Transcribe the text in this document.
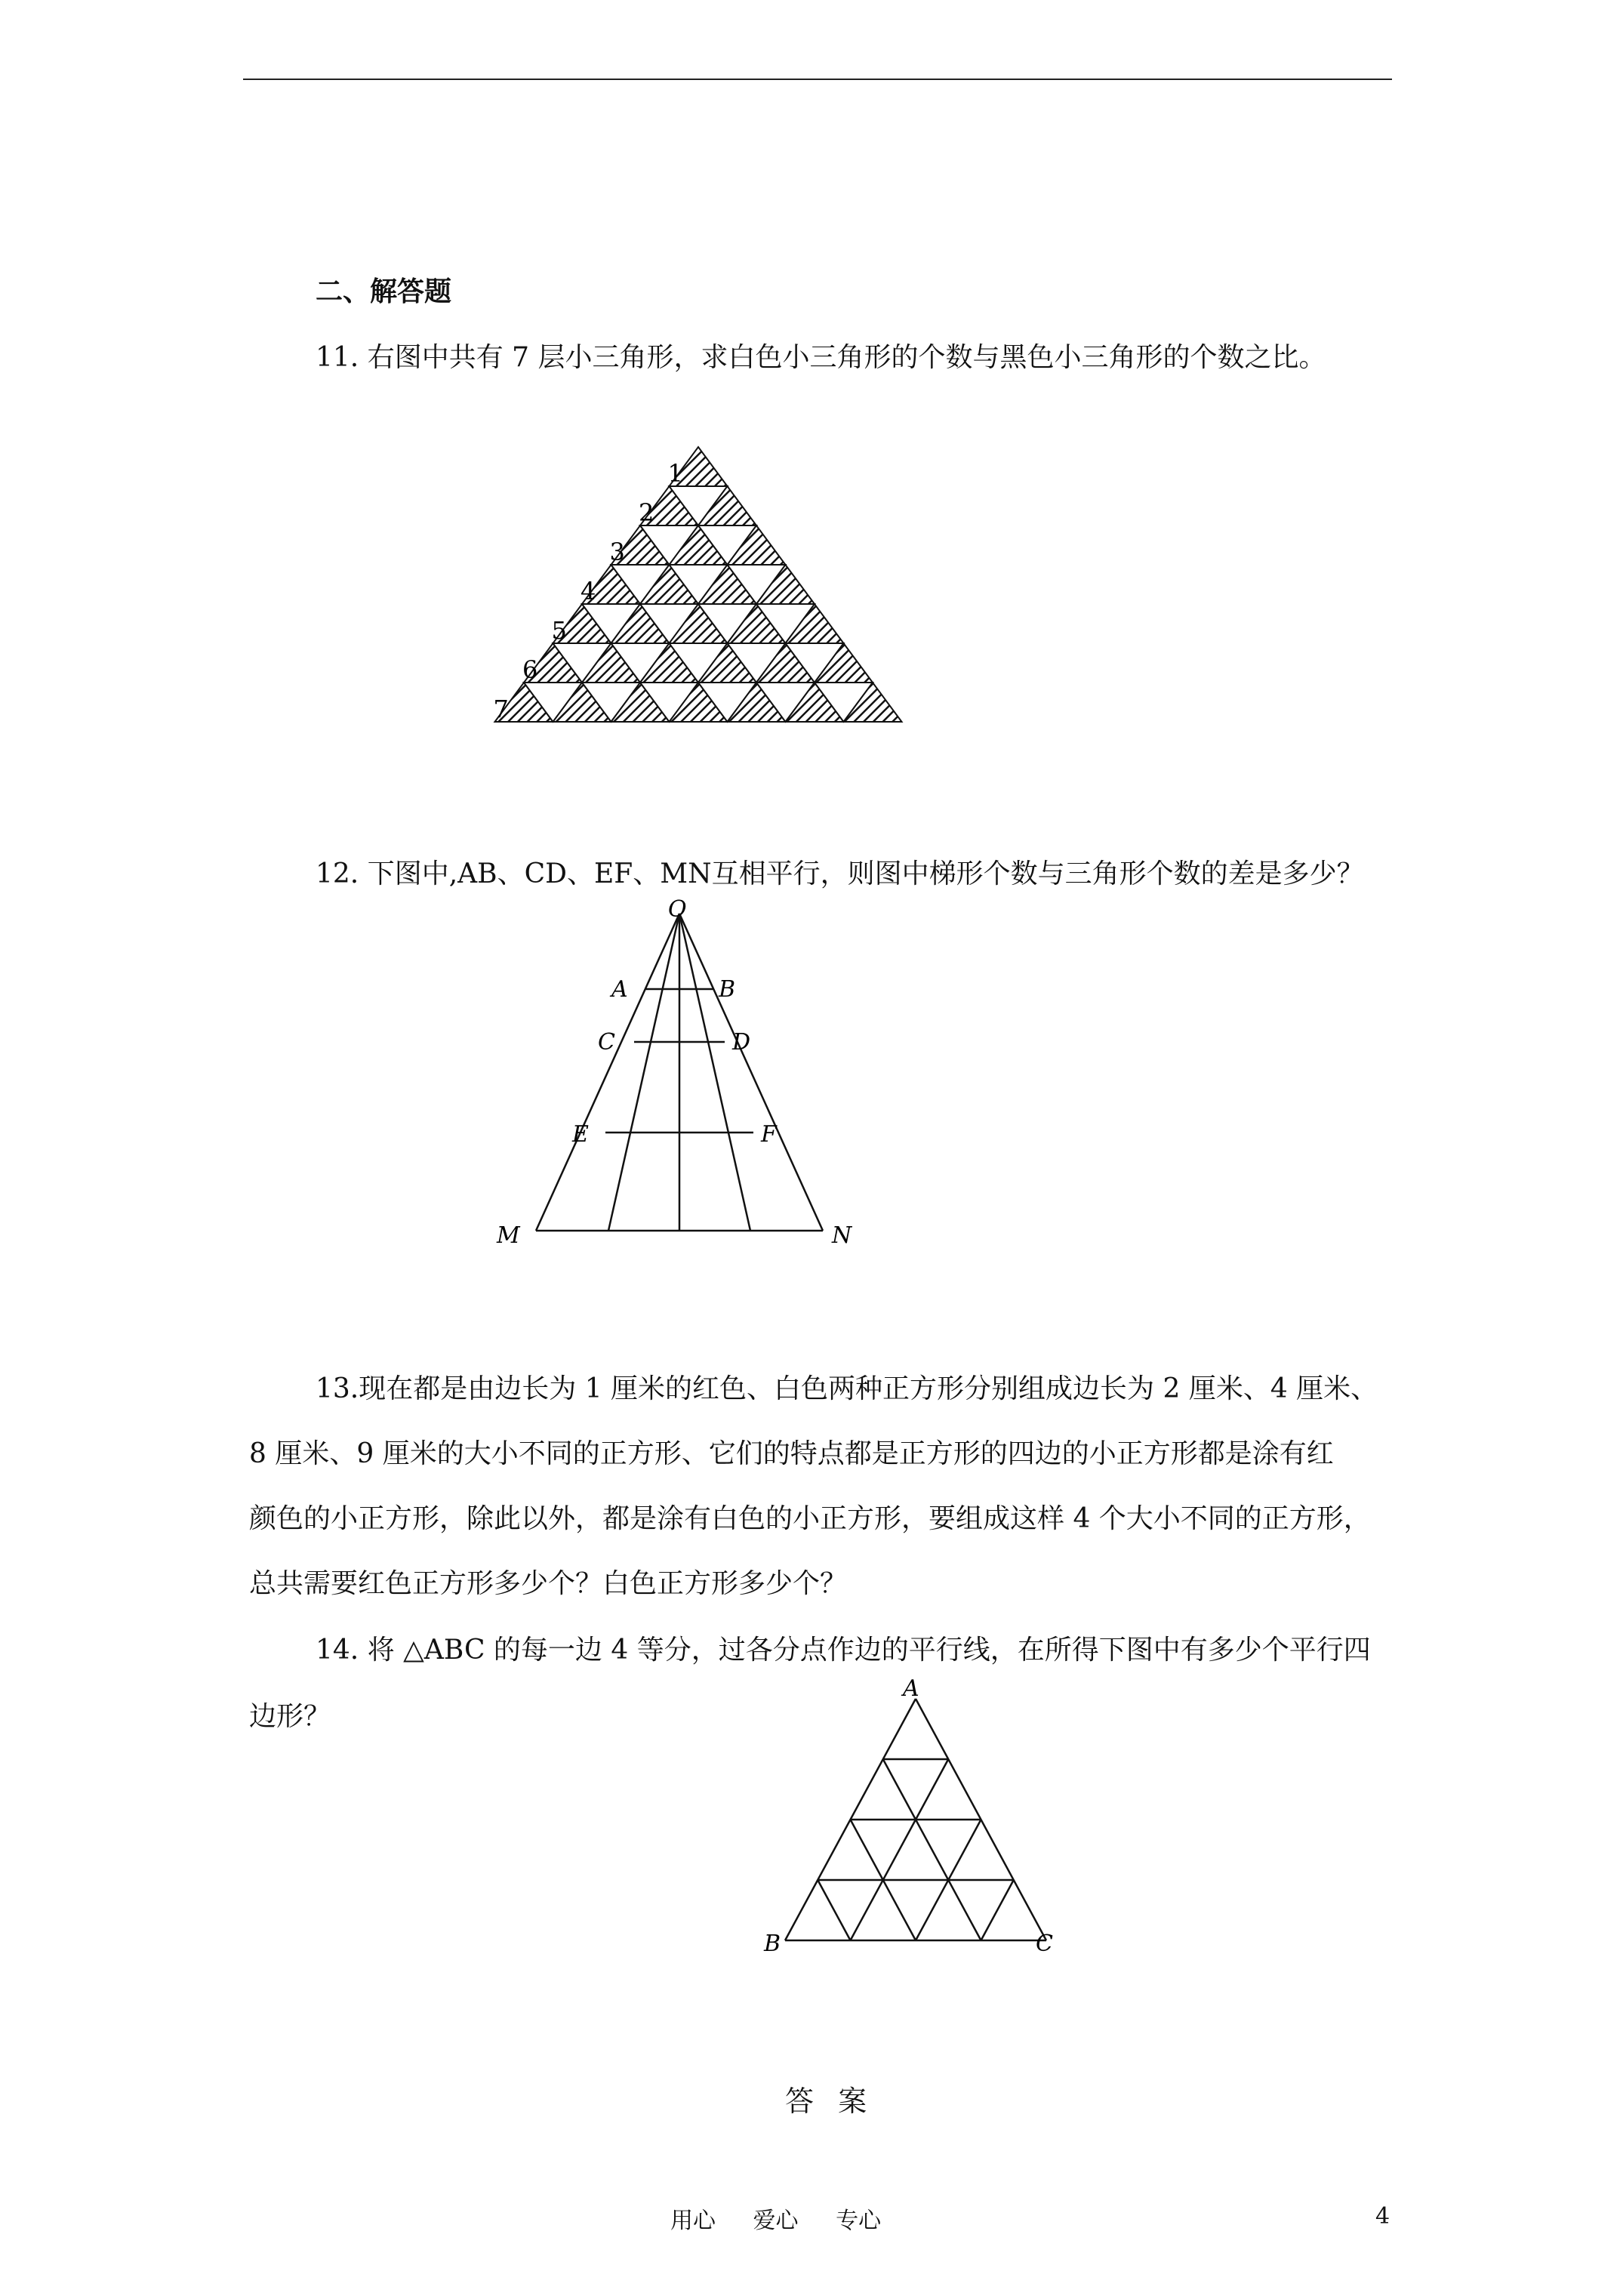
二、解答题
11. 右图中共有 7 层小三角形，求白色小三角形的个数与黑色小三角形的个数之比。
1
2
3
4
5
6
7
12. 下图中,AB、CD、EF、MN互相平行，则图中梯形个数与三角形个数的差是多少？
O
A	B
C	D
E	F
M	N
13.现在都是由边长为 1 厘米的红色、白色两种正方形分别组成边长为 2 厘米、4 厘米、
8 厘米、9 厘米的大小不同的正方形、它们的特点都是正方形的四边的小正方形都是涂有红
颜色的小正方形，除此以外，都是涂有白色的小正方形，要组成这样 4 个大小不同的正方形，
总共需要红色正方形多少个？白色正方形多少个？
14. 将 △ABC 的每一边 4 等分，过各分点作边的平行线，在所得下图中有多少个平行四
边形？
A
B	C
答 案
用心 爱心 专心	4
